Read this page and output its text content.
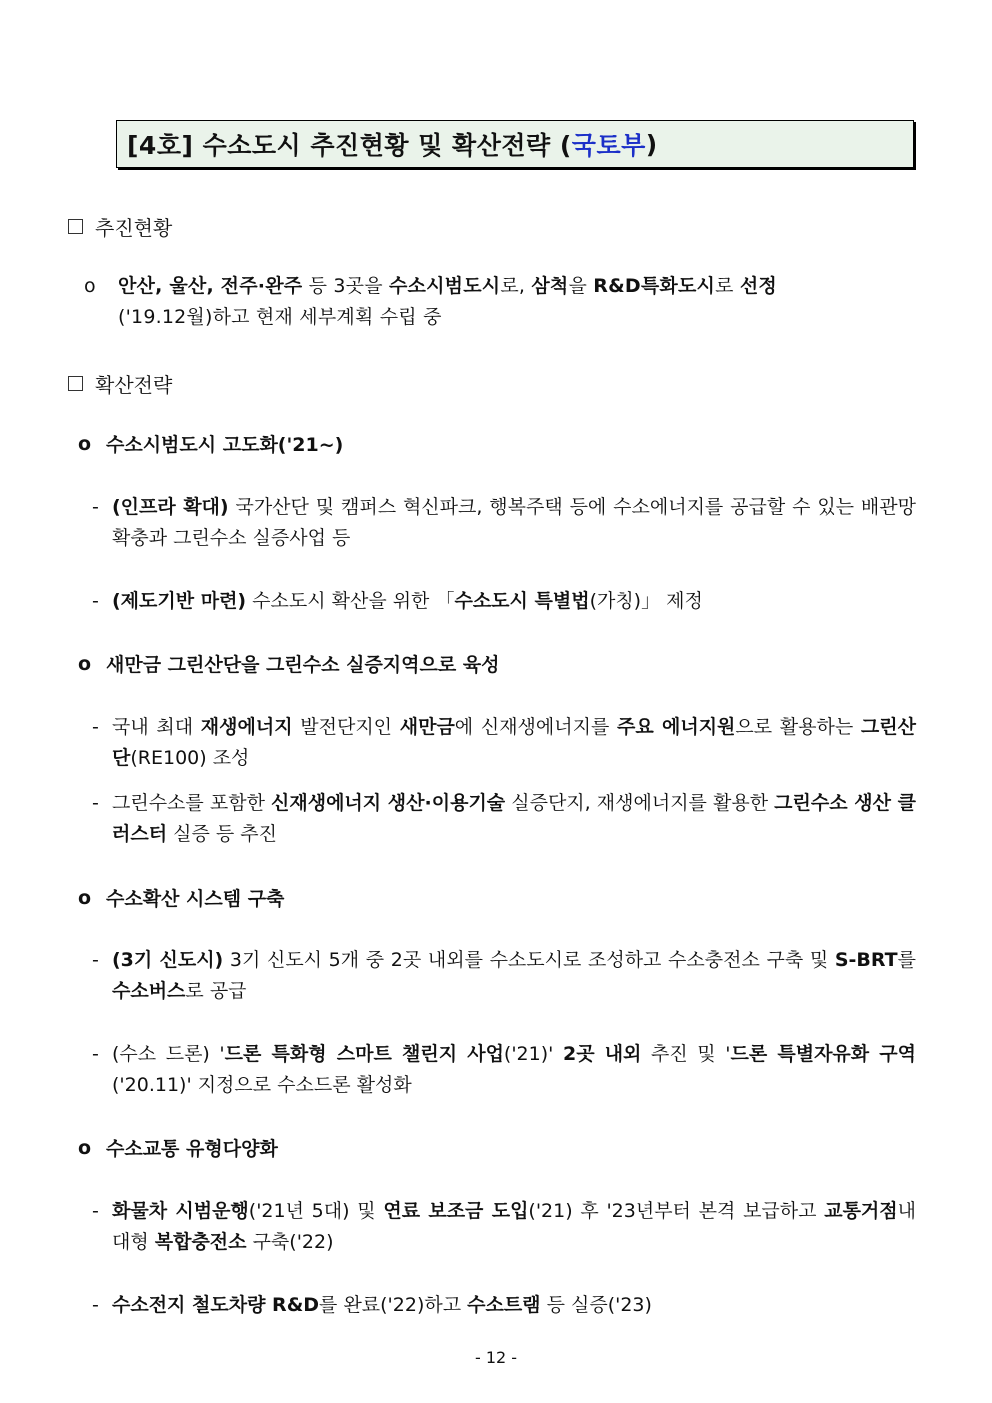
[4호] 수소도시 추진현황 및 확산전략 ( 국토부 )
추진현황
o 안산, 울산, 전주·완주 등 3곳을 수소시범도시로, 삼척을 R&D특화도시로 선정
('19.12월)하고 현재 세부계획 수립 중
확산전략
o 수소시범도시 고도화('21~)
- (인프라 확대) 국가산단 및 캠퍼스 혁신파크, 행복주택 등에 수소에너지를 공급할 수 있는 배관망 확충과 그린수소 실증사업 등
- (제도기반 마련) 수소도시 확산을 위한 「수소도시 특별법(가칭)」 제정
o 새만금 그린산단을 그린수소 실증지역으로 육성
- 국내 최대 재생에너지 발전단지인 새만금에 신재생에너지를 주요 에너지원으로 활용하는 그린산단(RE100) 조성
- 그린수소를 포함한 신재생에너지 생산·이용기술 실증단지, 재생에너지를 활용한 그린수소 생산 클러스터 실증 등 추진
o 수소확산 시스템 구축
- (3기 신도시) 3기 신도시 5개 중 2곳 내외를 수소도시로 조성하고 수소충전소 구축 및 S-BRT를 수소버스로 공급
- (수소 드론) '드론 특화형 스마트 챌린지 사업('21)' 2곳 내외 추진 및 '드론 특별자유화 구역('20.11)' 지정으로 수소드론 활성화
o 수소교통 유형다양화
- 화물차 시범운행('21년 5대) 및 연료 보조금 도입('21) 후 '23년부터 본격 보급하고 교통거점내 대형 복합충전소 구축('22)
- 수소전지 철도차량 R&D를 완료('22)하고 수소트램 등 실증('23)
- 12 -
